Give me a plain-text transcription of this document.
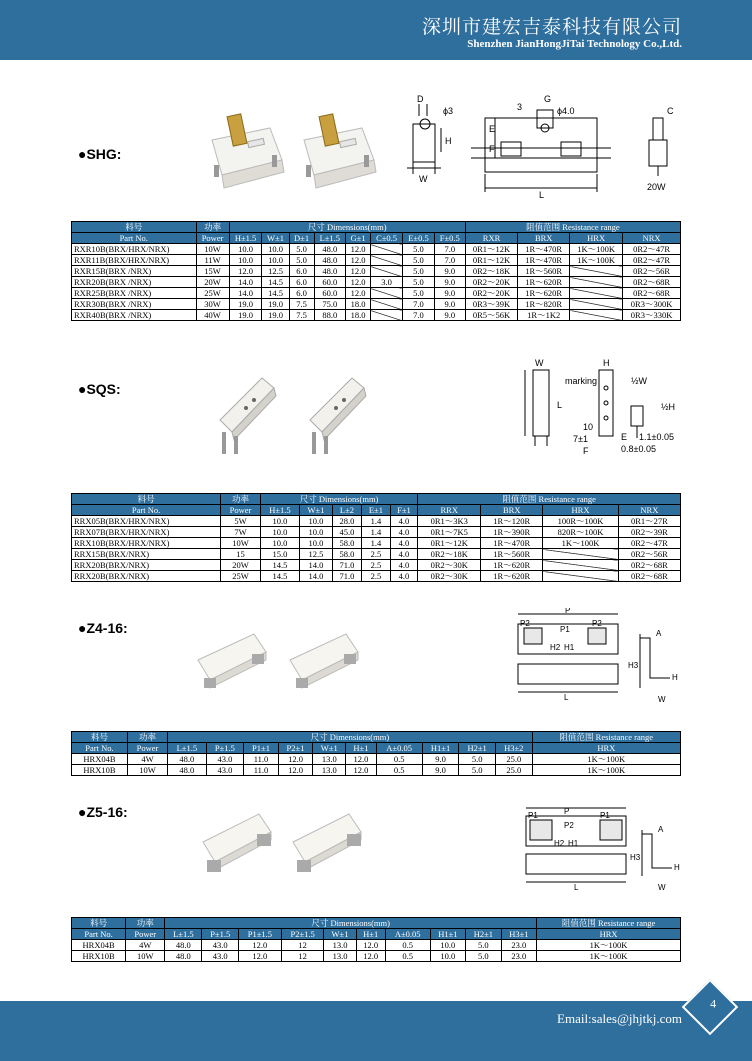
深圳市建宏吉泰科技有限公司
Shenzhen JianHongJiTai Technology Co.,Ltd.
●SHG:
D
ϕ3
H
W
G
ϕ4.0
3
E
F
L
C
20W
料号	功率	尺寸 Dimensions(mm)								阻值范围 Resistance range			
Part No.	Power	H±1.5	W±1	D±1	L±1.5	G±1	C±0.5	E±0.5	F±0.5	RXR	BRX	HRX	NRX
RXR10B(BRX/HRX/NRX)	10W	10.0	10.0	5.0	48.0	12.0		5.0	7.0	0R1～12K	1R～470R	1K～100K	0R2～47R
RXR11B(BRX/HRX/NRX)	11W	10.0	10.0	5.0	48.0	12.0		5.0	7.0	0R1～12K	1R～470R	1K～100K	0R2～47R
RXR15B(BRX /NRX)	15W	12.0	12.5	6.0	48.0	12.0		5.0	9.0	0R2～18K	1R～560R		0R2～56R
RXR20B(BRX /NRX)	20W	14.0	14.5	6.0	60.0	12.0	3.0	5.0	9.0	0R2～20K	1R～620R		0R2～68R
RXR25B(BRX /NRX)	25W	14.0	14.5	6.0	60.0	12.0		5.0	9.0	0R2～20K	1R～620R		0R2～68R
RXR30B(BRX /NRX)	30W	19.0	19.0	7.5	75.0	18.0		7.0	9.0	0R3～39K	1R～820R		0R3～300K
RXR40B(BRX /NRX)	40W	19.0	19.0	7.5	88.0	18.0		7.0	9.0	0R5～56K	1R～1K2		0R3～330K
●SQS:
W	H
marking
L
½W
½H
10
7±1	E
F
1.1±0.05
0.8±0.05
料号	功率	尺寸 Dimensions(mm)					阻值范围 Resistance range			
Part No.	Power	H±1.5	W±1	L±2	E±1	F±1	RRX	BRX	HRX	NRX
RRX05B(BRX/HRX/NRX)	5W	10.0	10.0	28.0	1.4	4.0	0R1～3K3	1R～120R	100R～100K	0R1～27R
RRX07B(BRX/HRX/NRX)	7W	10.0	10.0	45.0	1.4	4.0	0R1～7K5	1R～390R	820R～100K	0R2～39R
RRX10B(BRX/HRX/NRX)	10W	10.0	10.0	58.0	1.4	4.0	0R1～12K	1R～470R	1K～100K	0R2～47R
RRX15B(BRX/NRX)	15	15.0	12.5	58.0	2.5	4.0	0R2～18K	1R～560R		0R2～56R
RRX20B(BRX/NRX)	20W	14.5	14.0	71.0	2.5	4.0	0R2～30K	1R～620R		0R2～68R
RRX20B(BRX/NRX)	25W	14.5	14.0	71.0	2.5	4.0	0R2～30K	1R～620R		0R2～68R
●Z4-16:
P
P2
P1
P2
H2 H1
L
H3
H
A
W
料号	功率	尺寸 Dimensions(mm)										阻值范围 Resistance range
Part No.	Power	L±1.5	P±1.5	P1±1	P2±1	W±1	H±1	A±0.05	H1±1	H2±1	H3±2	HRX
HRX04B	4W	48.0	43.0	11.0	12.0	13.0	12.0	0.5	9.0	5.0	25.0	1K～100K
HRX10B	10W	48.0	43.0	11.0	12.0	13.0	12.0	0.5	9.0	5.0	25.0	1K～100K
●Z5-16:	P
P1
P2
P1
H2 H1
L
H3
H
A
W
料号	功率	尺寸 Dimensions(mm)										阻值范围 Resistance range
Part No.	Power	L±1.5	P±1.5	P1±1.5	P2±1.5	W±1	H±1	A±0.05	H1±1	H2±1	H3±1	HRX
HRX04B	4W	48.0	43.0	12.0	12	13.0	12.0	0.5	10.0	5.0	23.0	1K～100K
HRX10B	10W	48.0	43.0	12.0	12	13.0	12.0	0.5	10.0	5.0	23.0	1K～100K
Email:sales@jhjtkj.com
4
